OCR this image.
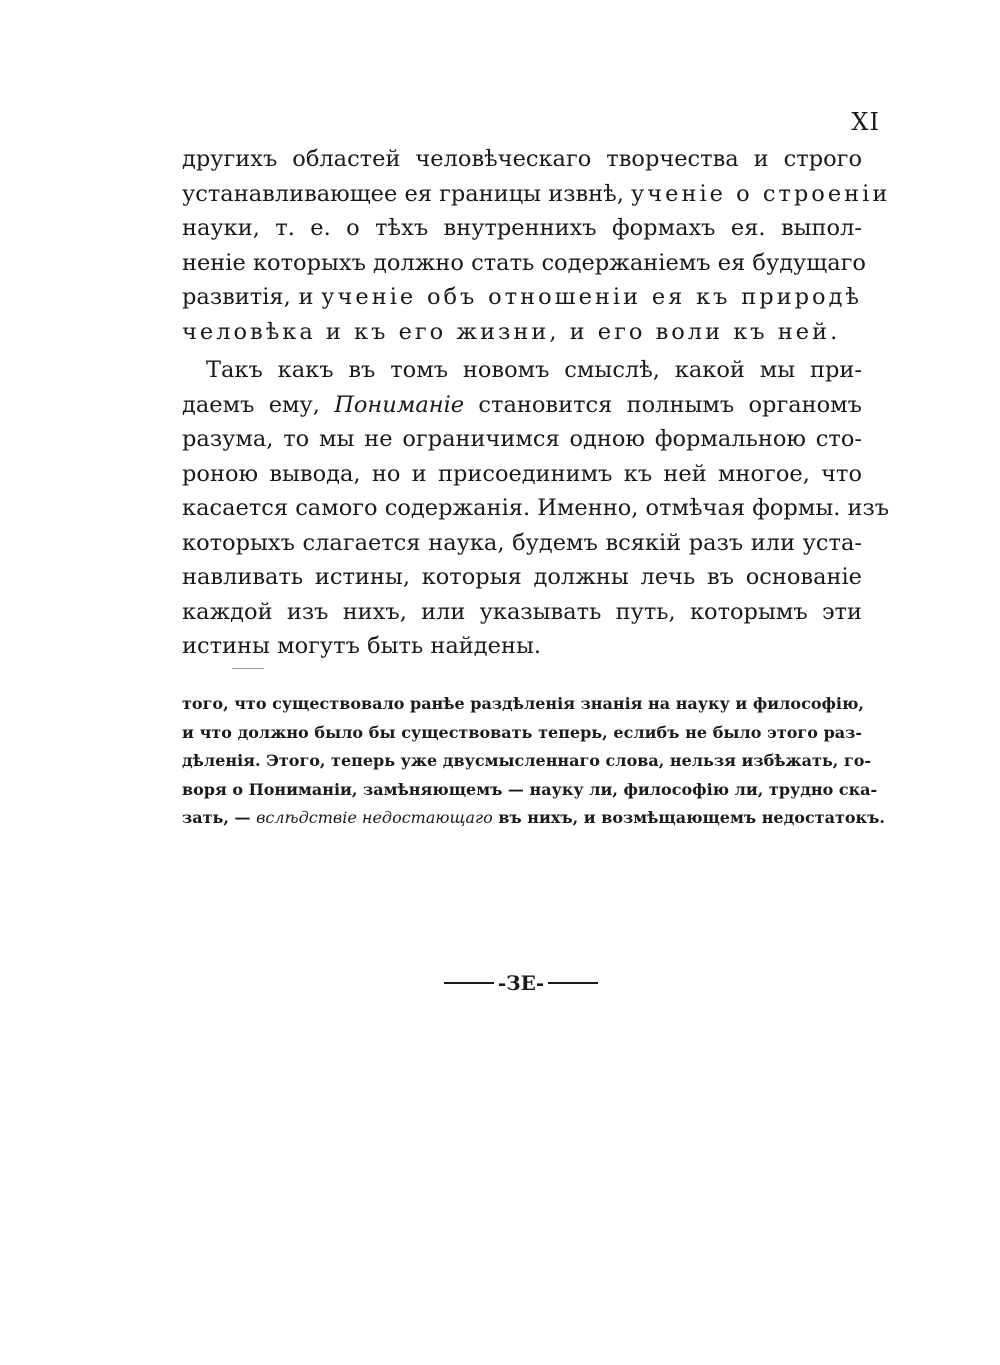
XI
другихъ областей человѣческаго творчества и строго
устанавливающее ея границы извнѣ, ученіе о строеніи
науки, т. е. о тѣхъ внутреннихъ формахъ ея. выпол-
неніе которыхъ должно стать содержаніемъ ея будущаго
развитія, и ученіе объ отношеніи ея къ природѣ
человѣка и къ его жизни, и его воли къ ней.
Такъ какъ въ томъ новомъ смыслѣ, какой мы при-
даемъ ему, Пониманіе становится полнымъ органомъ
разума, то мы не ограничимся одною формальною сто-
роною вывода, но и присоединимъ къ ней многое, что
касается самого содержанія. Именно, отмѣчая формы. изъ
которыхъ слагается наука, будемъ всякій разъ или уста-
навливать истины, которыя должны лечь въ основаніе
каждой изъ нихъ, или указывать путь, которымъ эти
истины могутъ быть найдены.
того, что существовало ранѣе раздѣленія знанія на науку и философію,
и что должно было бы существовать теперь, еслибъ не было этого раз-
дѣленія. Этого, теперь уже двусмысленнаго слова, нельзя избѣжать, го-
воря о Пониманіи, замѣняющемъ — науку ли, философію ли, трудно ска-
зать, — вслѣдствіе недостающаго въ нихъ, и возмѣщающемъ недостатокъ.
-ЗЕ-
